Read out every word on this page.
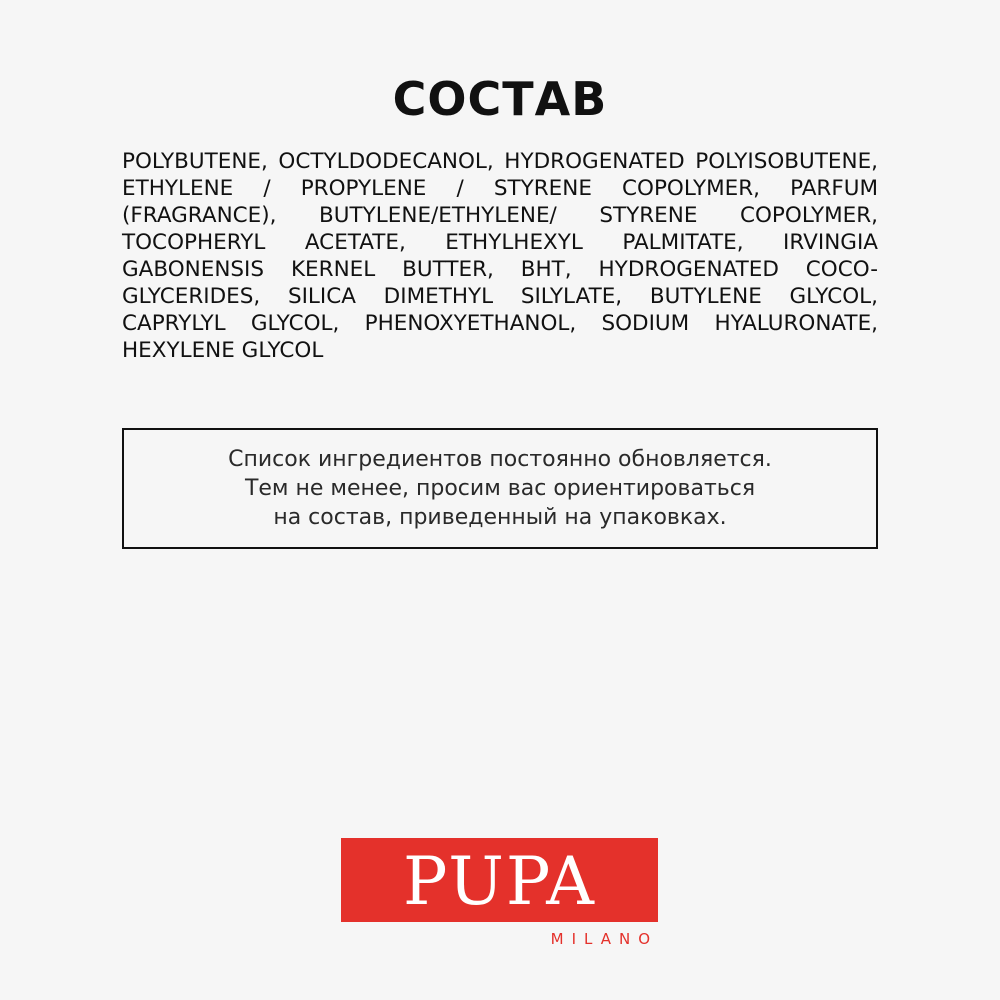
СОСТАВ

POLYBUTENE, OCTYLDODECANOL, HYDROGENATED POLYISOBUTENE, ETHYLENE / PROPYLENE / STYRENE COPOLYMER, PARFUM (FRAGRANCE), BUTYLENE/ETHYLENE/ STYRENE COPOLYMER, TOCOPHERYL ACETATE, ETHYLHEXYL PALMITATE, IRVINGIA GABONENSIS KERNEL BUTTER, BHT, HYDROGENATED COCO-GLYCERIDES, SILICA DIMETHYL SILYLATE, BUTYLENE GLYCOL, CAPRYLYL GLYCOL, PHENOXYETHANOL, SODIUM HYALURONATE, HEXYLENE GLYCOL

Список ингредиентов постоянно обновляется.
Тем не менее, просим вас ориентироваться
на состав, приведенный на упаковках.
PUPA
MILANO
